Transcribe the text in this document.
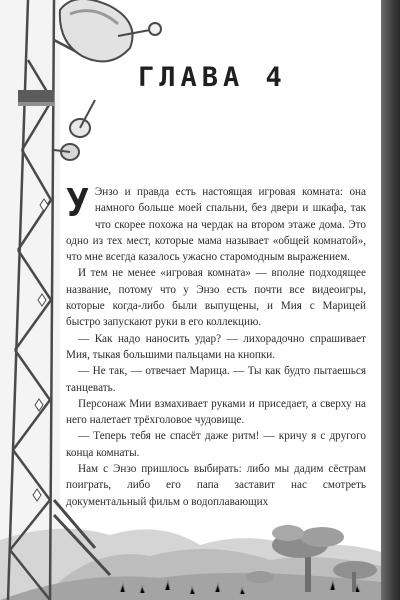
ГЛАВА 4

У Энзо и правда есть настоящая игровая комната: она намного больше моей спальни, без двери и шкафа, так что скорее похожа на чердак на втором этаже дома. Это одно из тех мест, которые мама называет «общей комнатой», что мне всегда казалось ужасно старомодным выражением.

И тем не менее «игровая комната» — вполне подходящее название, потому что у Энзо есть почти все видеоигры, которые когда-либо были выпущены, и Мия с Марицей быстро запускают руки в его коллекцию.

— Как надо наносить удар? — лихорадочно спрашивает Мия, тыкая большими пальцами на кнопки.

— Не так, — отвечает Марица. — Ты как будто пытаешься танцевать.

Персонаж Мии взмахивает руками и приседает, а сверху на него налетает трёхголовое чудовище.

— Теперь тебя не спасёт даже ритм! — кричу я с другого конца комнаты.

Нам с Энзо пришлось выбирать: либо мы дадим сёстрам поиграть, либо его папа заставит нас смотреть документальный фильм о водоплавающих
